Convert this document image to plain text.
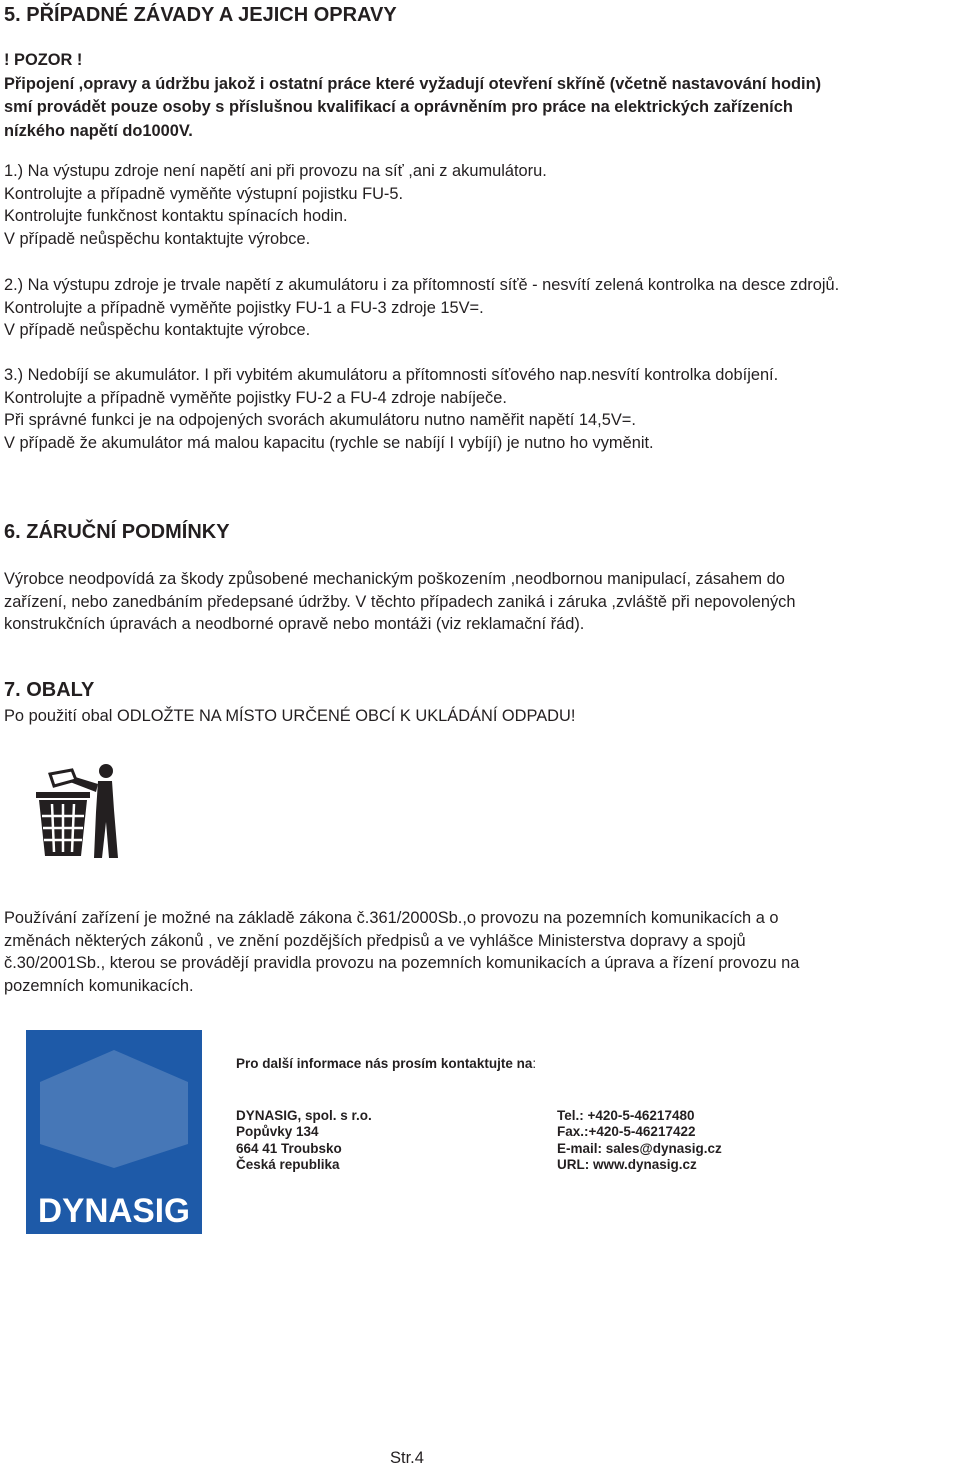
5. PŘÍPADNÉ ZÁVADY A JEJICH OPRAVY
! POZOR !
Připojení ,opravy a údržbu jakož i ostatní práce které vyžadují otevření skříně (včetně nastavování hodin)
smí provádět pouze osoby s příslušnou kvalifikací a oprávněním pro práce na elektrických zařízeních
nízkého napětí do1000V.
1.) Na výstupu zdroje není napětí ani při provozu na síť ,ani z akumulátoru.
Kontrolujte a případně vyměňte výstupní pojistku FU-5.
Kontrolujte funkčnost kontaktu spínacích hodin.
V případě neůspěchu kontaktujte výrobce.
2.) Na výstupu zdroje je trvale napětí z akumulátoru i za přítomností síťě - nesvítí zelená kontrolka na desce zdrojů.
Kontrolujte a případně vyměňte pojistky FU-1 a FU-3 zdroje 15V=.
V případě neůspěchu kontaktujte výrobce.
3.) Nedobíjí se akumulátor. I při vybitém akumulátoru a přítomnosti síťového nap.nesvítí kontrolka dobíjení.
Kontrolujte a případně vyměňte pojistky FU-2 a FU-4 zdroje nabíječe.
Při správné funkci je na odpojených svorách akumulátoru nutno naměřit napětí 14,5V=.
V případě že akumulátor má malou kapacitu (rychle se nabíjí I vybíjí) je nutno ho vyměnit.
6. ZÁRUČNÍ PODMÍNKY
Výrobce neodpovídá za škody způsobené mechanickým poškozením ,neodbornou manipulací, zásahem do
zařízení, nebo zanedbáním předepsané údržby. V těchto případech zaniká i záruka ,zvláště při nepovolených
konstrukčních úpravách a neodborné opravě nebo montáži (viz reklamační řád).
7. OBALY
Po použití obal ODLOŽTE NA MÍSTO URČENÉ OBCÍ K UKLÁDÁNÍ ODPADU!
Používání zařízení je možné na základě zákona č.361/2000Sb.,o provozu na pozemních komunikacích a o
změnách některých zákonů , ve znění pozdějších předpisů a ve vyhlášce Ministerstva dopravy a spojů
č.30/2001Sb., kterou se provádějí pravidla provozu na pozemních komunikacích a úprava a řízení provozu na
pozemních komunikacích.
DYNASIG
Pro další informace nás prosím kontaktujte na:
DYNASIG, spol. s r.o.
Popůvky 134
664 41 Troubsko
Česká republika
Tel.: +420-5-46217480
Fax.:+420-5-46217422
E-mail: sales@dynasig.cz
URL: www.dynasig.cz
Str.4
